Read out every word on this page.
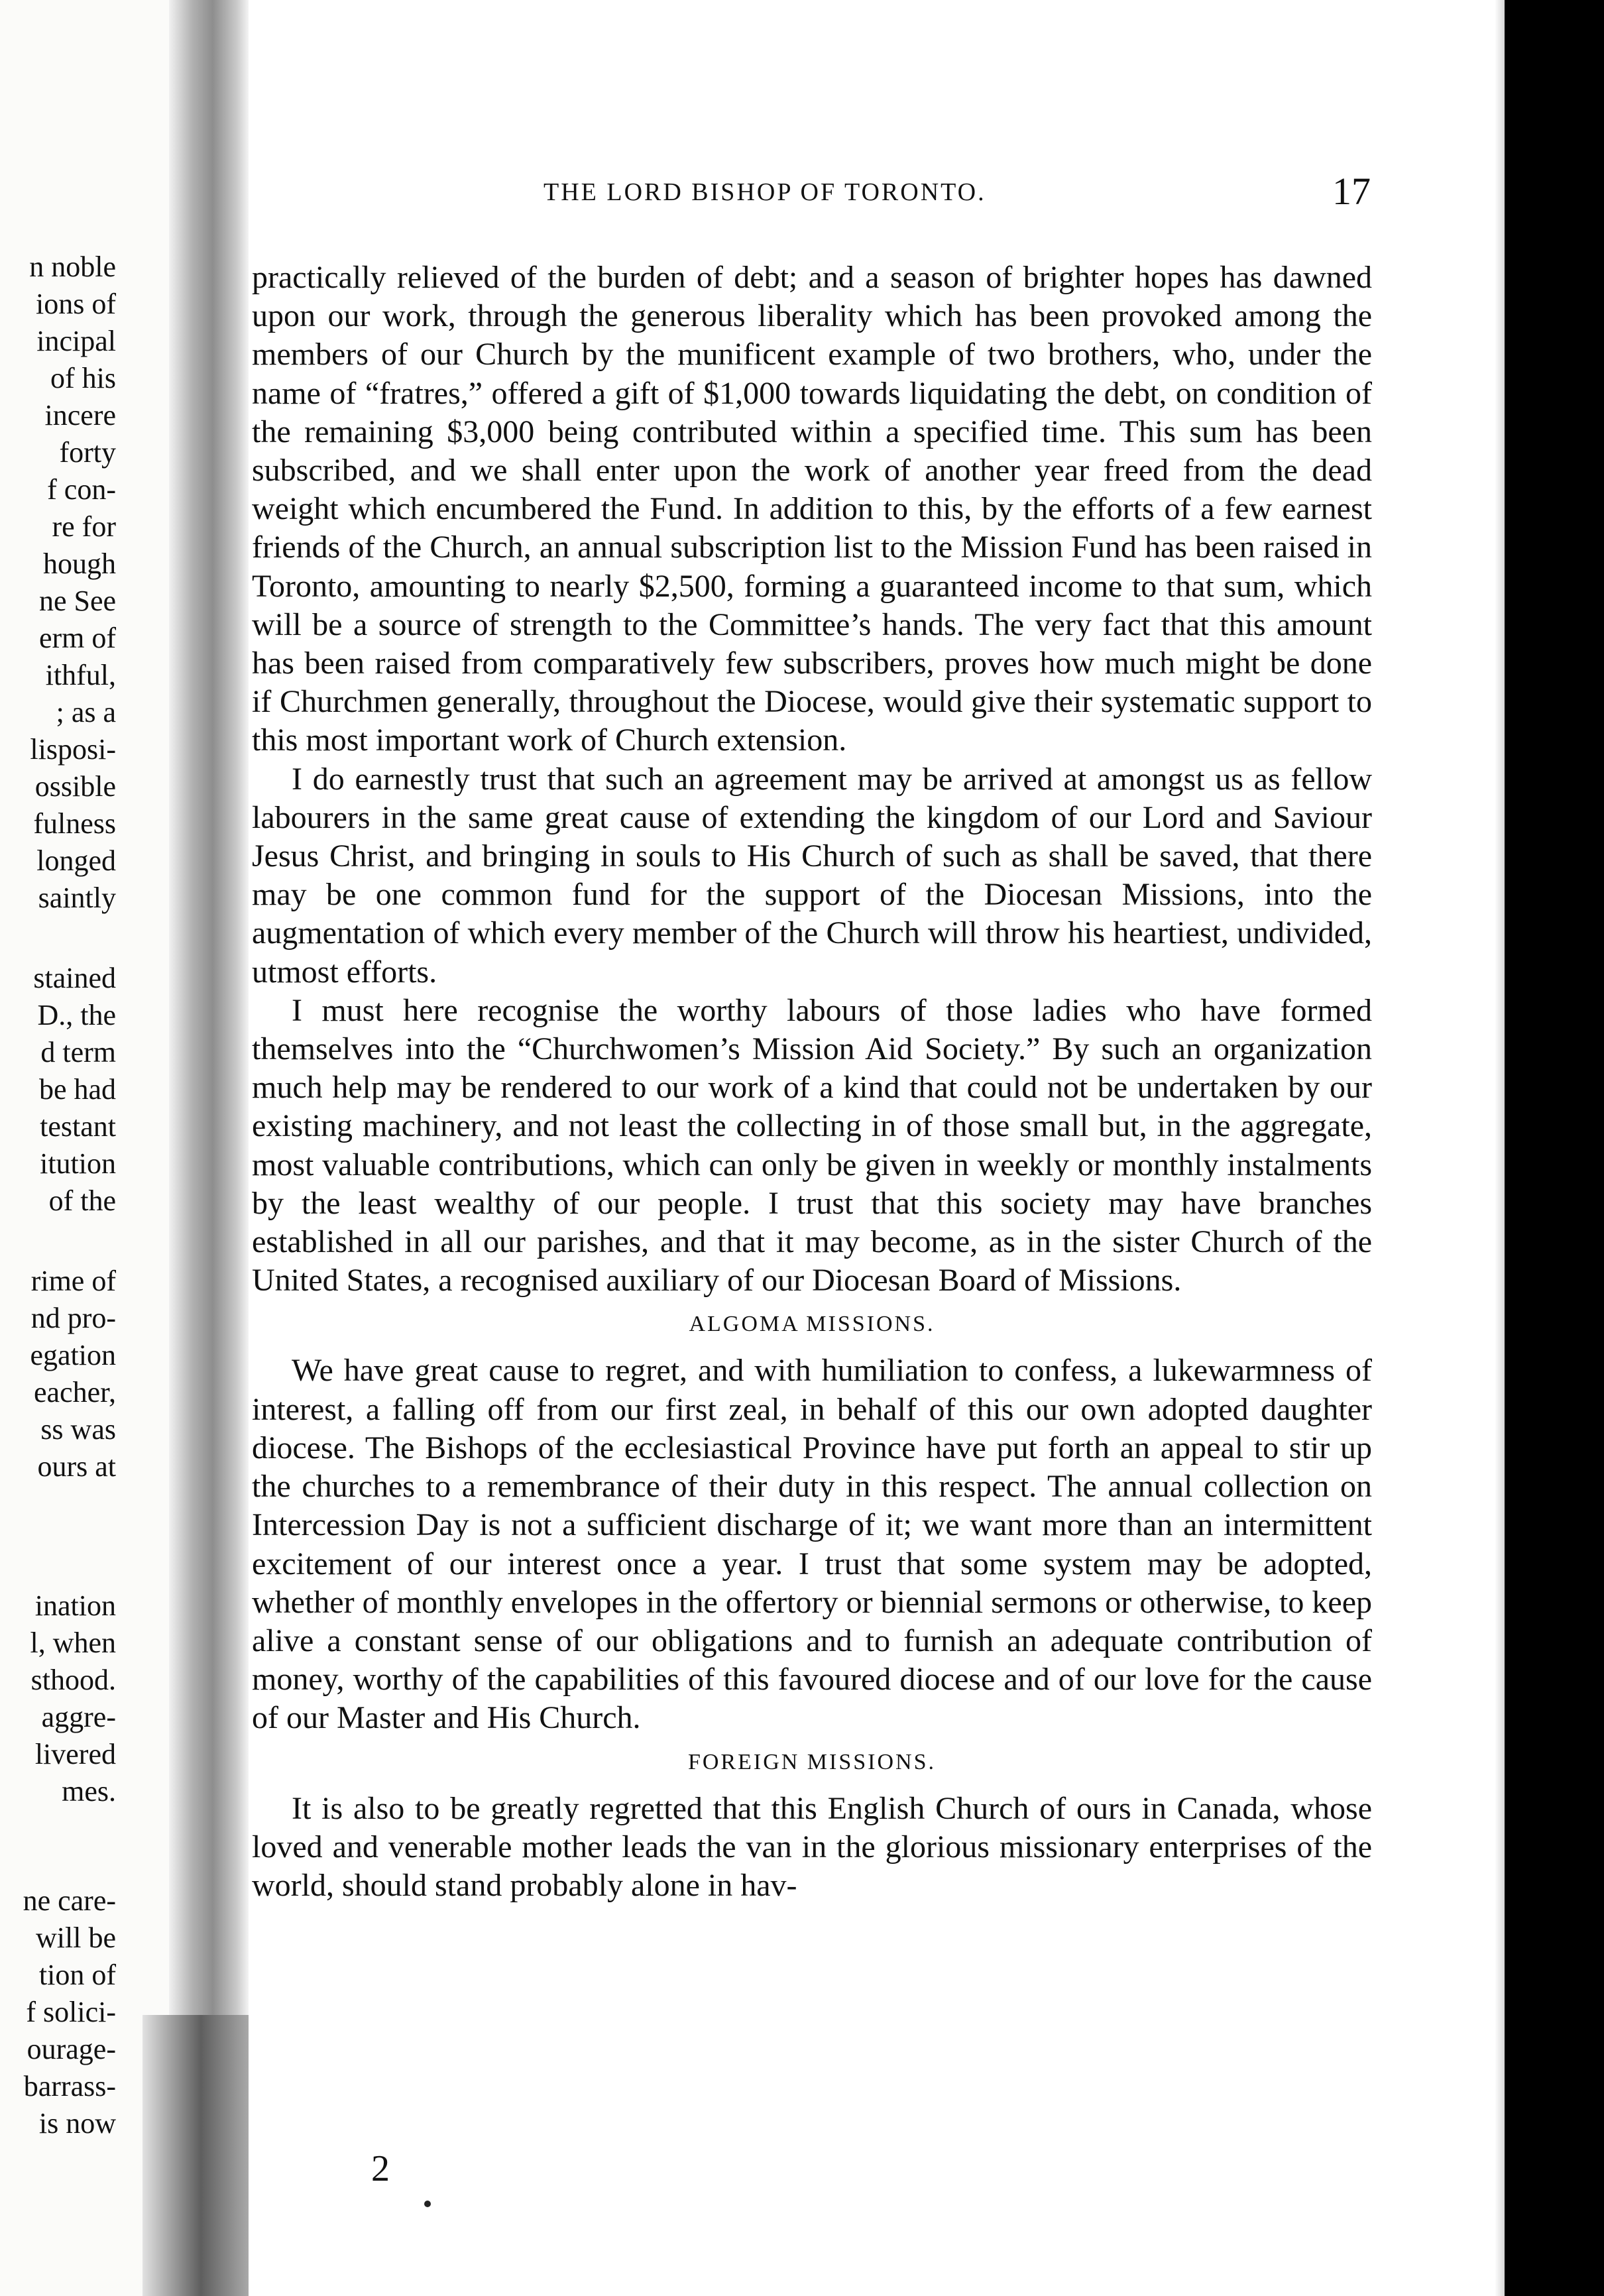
n noble
ions of
incipal
of his
incere
forty
f con-
re for
hough
ne See
erm of
ithful,
; as a
lisposi-
ossible
fulness
longed
saintly
stained
D., the
d term
be had
testant
itution
of the
rime of
nd pro-
egation
eacher,
ss was
ours at
ination
l, when
sthood.
aggre-
livered
mes.
ne care-
will be
tion of
f solici-
ourage-
barrass-
is now
THE LORD BISHOP OF TORONTO.	17

practically relieved of the burden of debt; and a season of brighter hopes has dawned upon our work, through the generous liberality which has been provoked among the members of our Church by the munificent example of two brothers, who, under the name of “fratres,” offered a gift of $1,000 towards liquidating the debt, on condition of the remaining $3,000 being contributed within a specified time. This sum has been subscribed, and we shall enter upon the work of another year freed from the dead weight which encumbered the Fund. In addition to this, by the efforts of a few earnest friends of the Church, an annual subscription list to the Mission Fund has been raised in Toronto, amounting to nearly $2,500, forming a guaranteed income to that sum, which will be a source of strength to the Committee’s hands. The very fact that this amount has been raised from comparatively few subscribers, proves how much might be done if Churchmen generally, throughout the Diocese, would give their systematic support to this most important work of Church extension.

I do earnestly trust that such an agreement may be arrived at amongst us as fellow labourers in the same great cause of extending the kingdom of our Lord and Saviour Jesus Christ, and bringing in souls to His Church of such as shall be saved, that there may be one common fund for the support of the Diocesan Missions, into the augmentation of which every member of the Church will throw his heartiest, undivided, utmost efforts.

I must here recognise the worthy labours of those ladies who have formed themselves into the “Churchwomen’s Mission Aid Society.” By such an organization much help may be rendered to our work of a kind that could not be undertaken by our existing machinery, and not least the collecting in of those small but, in the aggregate, most valuable contributions, which can only be given in weekly or monthly instalments by the least wealthy of our people. I trust that this society may have branches established in all our parishes, and that it may become, as in the sister Church of the United States, a recognised auxiliary of our Diocesan Board of Missions.

ALGOMA MISSIONS.

We have great cause to regret, and with humiliation to confess, a lukewarmness of interest, a falling off from our first zeal, in behalf of this our own adopted daughter diocese. The Bishops of the ecclesiastical Province have put forth an appeal to stir up the churches to a remembrance of their duty in this respect. The annual collection on Intercession Day is not a sufficient discharge of it; we want more than an intermittent excitement of our interest once a year. I trust that some system may be adopted, whether of monthly envelopes in the offertory or biennial sermons or otherwise, to keep alive a constant sense of our obligations and to furnish an adequate contribution of money, worthy of the capabilities of this favoured diocese and of our love for the cause of our Master and His Church.

FOREIGN MISSIONS.

It is also to be greatly regretted that this English Church of ours in Canada, whose loved and venerable mother leads the van in the glorious missionary enterprises of the world, should stand probably alone in hav-

2
